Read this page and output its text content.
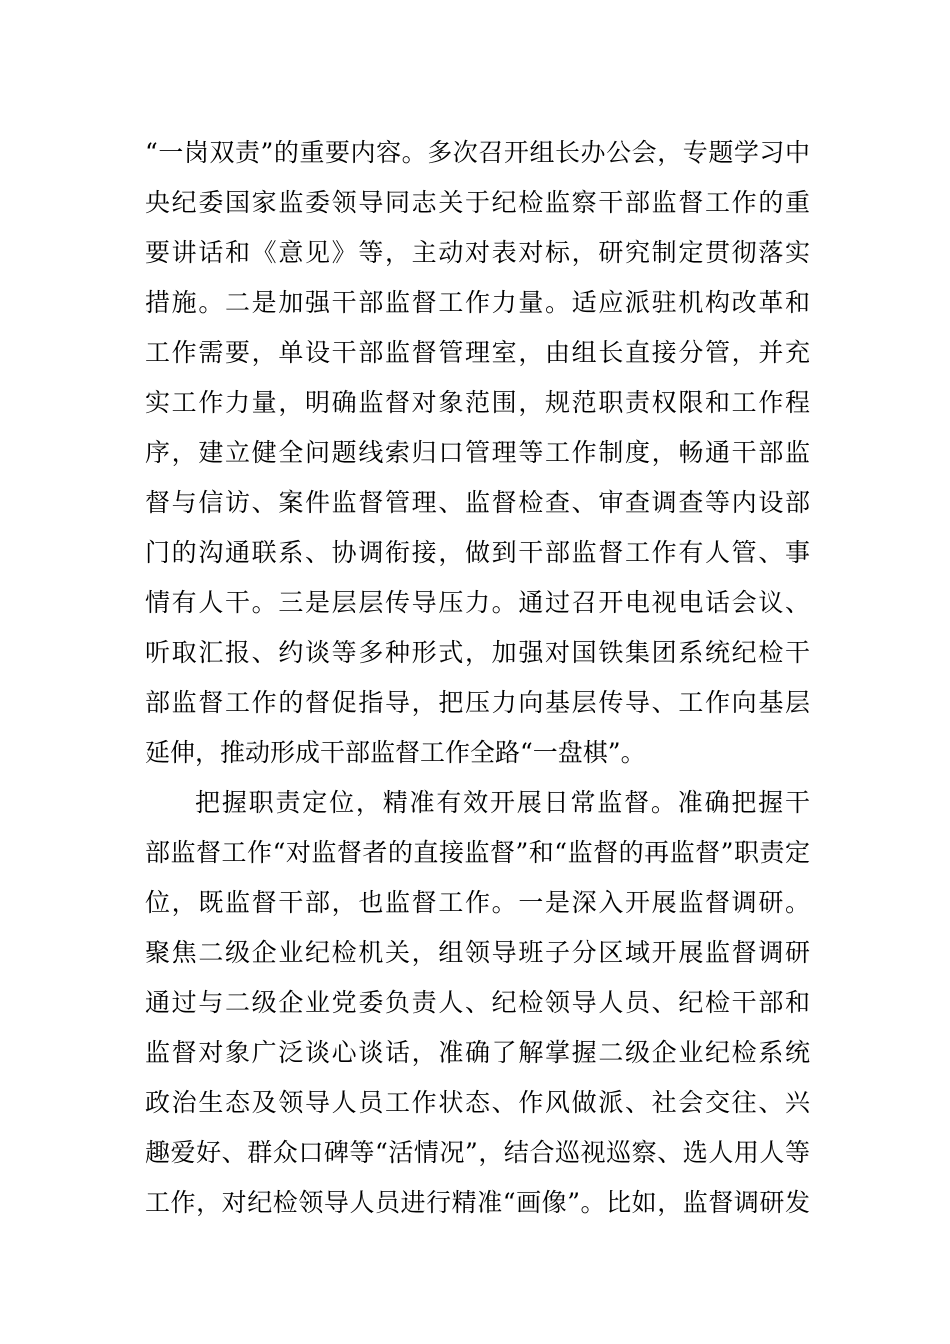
“一岗双责”的重要内容。多次召开组长办公会，专题学习中
央纪委国家监委领导同志关于纪检监察干部监督工作的重
要讲话和《意见》等，主动对表对标，研究制定贯彻落实
措施。二是加强干部监督工作力量。适应派驻机构改革和
工作需要，单设干部监督管理室，由组长直接分管，并充
实工作力量，明确监督对象范围，规范职责权限和工作程
序，建立健全问题线索归口管理等工作制度，畅通干部监
督与信访、案件监督管理、监督检查、审查调查等内设部
门的沟通联系、协调衔接，做到干部监督工作有人管、事
情有人干。三是层层传导压力。通过召开电视电话会议、
听取汇报、约谈等多种形式，加强对国铁集团系统纪检干
部监督工作的督促指导，把压力向基层传导、工作向基层
延伸，推动形成干部监督工作全路“一盘棋”。
把握职责定位，精准有效开展日常监督。准确把握干
部监督工作“对监督者的直接监督”和“监督的再监督”职责定
位，既监督干部，也监督工作。一是深入开展监督调研。
聚焦二级企业纪检机关，组领导班子分区域开展监督调研
通过与二级企业党委负责人、纪检领导人员、纪检干部和
监督对象广泛谈心谈话，准确了解掌握二级企业纪检系统
政治生态及领导人员工作状态、作风做派、社会交往、兴
趣爱好、群众口碑等“活情况”，结合巡视巡察、选人用人等
工作，对纪检领导人员进行精准“画像”。比如，监督调研发
